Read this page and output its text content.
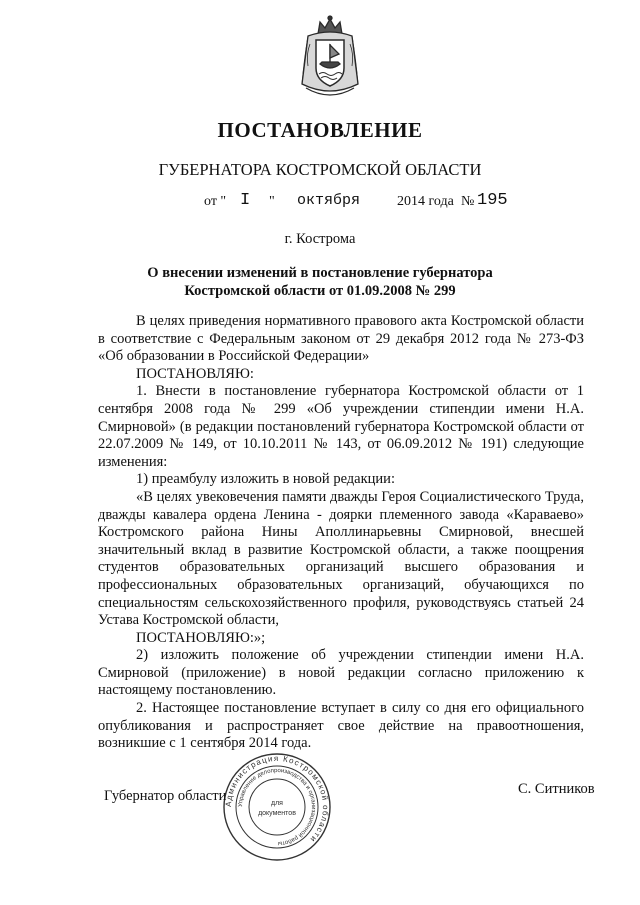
ПОСТАНОВЛЕНИЕ
ГУБЕРНАТОРА КОСТРОМСКОЙ ОБЛАСТИ
от " I " октября	2014 года № 195
г. Кострома
О внесении изменений в постановление губернатора
Костромской области от 01.09.2008 № 299

В целях приведения нормативного правового акта Костромской области в соответствие с Федеральным законом от 29 декабря 2012 года № 273-ФЗ «Об образовании в Российской Федерации»

ПОСТАНОВЛЯЮ:

1. Внести в постановление губернатора Костромской области от 1 сентября 2008 года № 299 «Об учреждении стипендии имени Н.А. Смирновой» (в редакции постановлений губернатора Костромской области от 22.07.2009 № 149, от 10.10.2011 № 143, от 06.09.2012 № 191) следующие изменения:

1) преамбулу изложить в новой редакции:

«В целях увековечения памяти дважды Героя Социалистического Труда, дважды кавалера ордена Ленина - доярки племенного завода «Караваево» Костромского района Нины Аполлинарьевны Смирновой, внесшей значительный вклад в развитие Костромской области, а также поощрения студентов образовательных организаций высшего образования и профессиональных образовательных организаций, обучающихся по специальностям сельскохозяйственного профиля, руководствуясь статьей 24 Устава Костромской области,

ПОСТАНОВЛЯЮ:»;

2) изложить положение об учреждении стипендии имени Н.А. Смирновой (приложение) в новой редакции согласно приложению к настоящему постановлению.

2. Настоящее постановление вступает в силу со дня его официального опубликования и распространяет свое действие на правоотношения, возникшие с 1 сентября 2014 года.

Администрация Костромской области
Управление делопроизводства и организационной работы
для
документов
Губернатор области	С. Ситников
